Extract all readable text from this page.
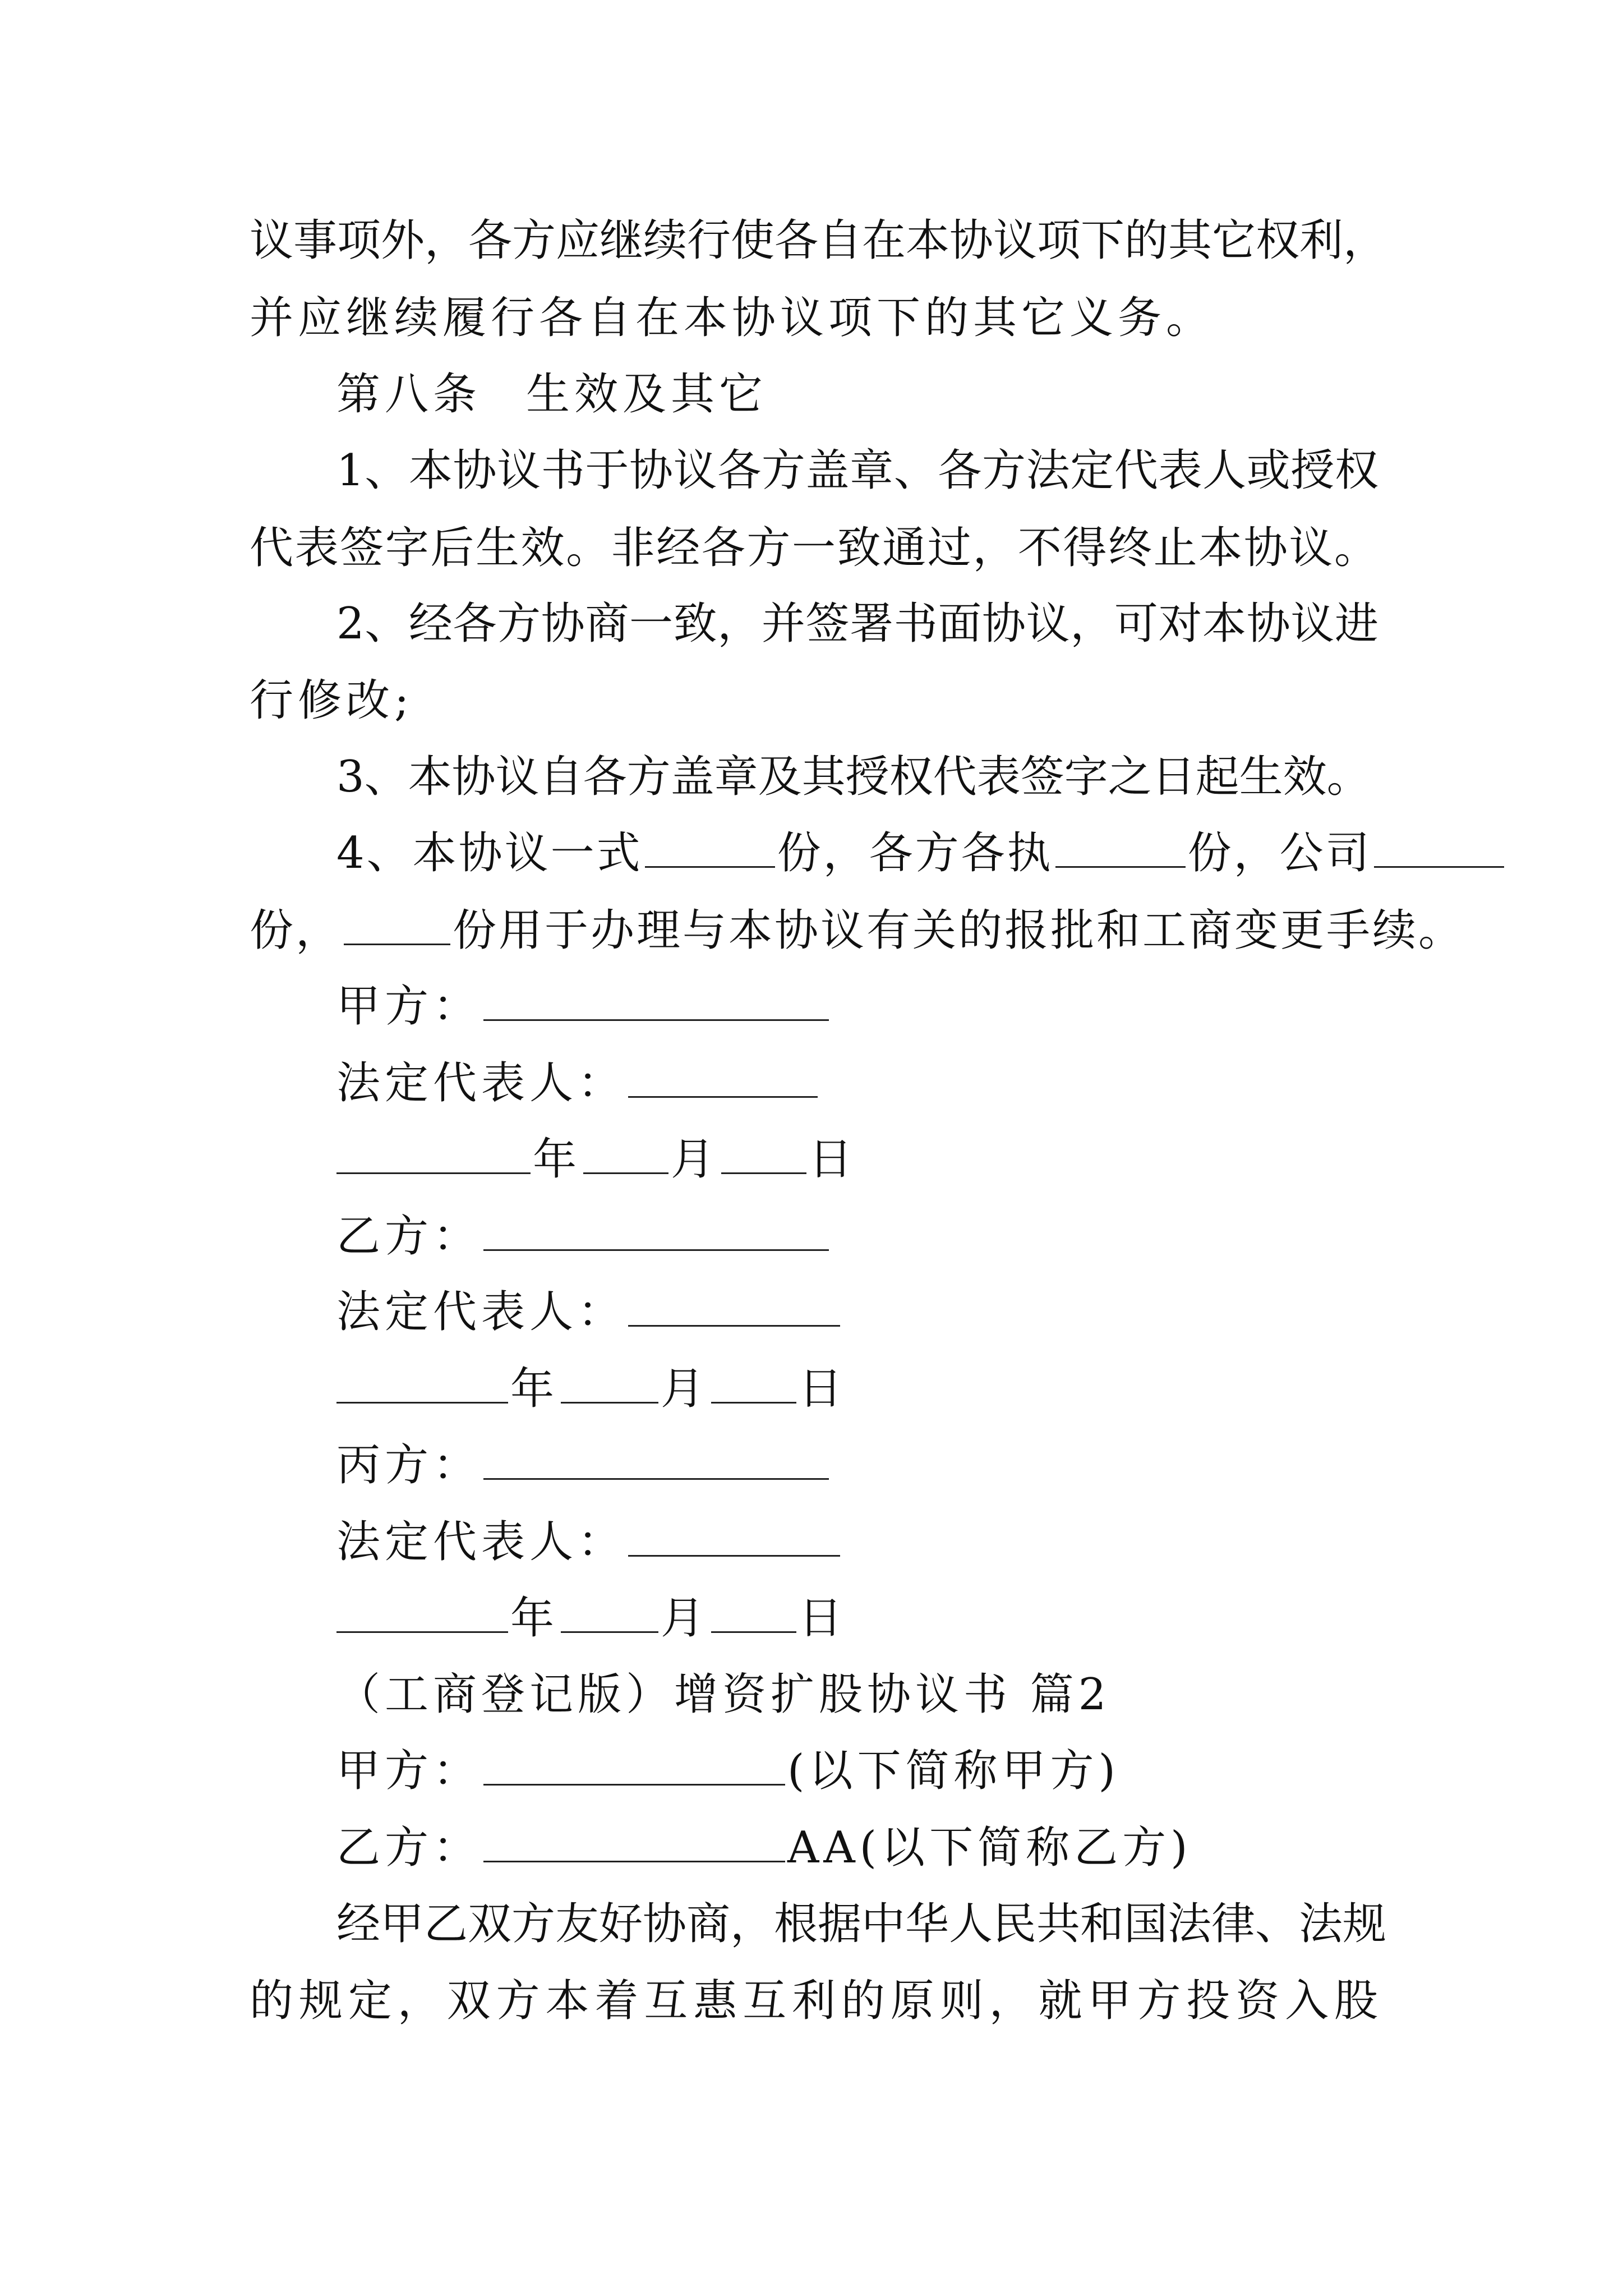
议事项外，各方应继续行使各自在本协议项下的其它权利，
并应继续履行各自在本协议项下的其它义务。
第八条 生效及其它
1、本协议书于协议各方盖章、各方法定代表人或授权
代表签字后生效。非经各方一致通过，不得终止本协议。
2、经各方协商一致，并签署书面协议，可对本协议进
行修改;
3、本协议自各方盖章及其授权代表签字之日起生效。
4、本协议一式	份，各方各执	份，公司
份，	份用于办理与本协议有关的报批和工商变更手续。
甲方：
法定代表人：
年 月 日
乙方：
法定代表人：
年 月 日
丙方：
法定代表人：
年 月 日
（工商登记版）增资扩股协议书 篇2
甲方：	(以下简称甲方)
乙方：	AA(以下简称乙方)
经甲乙双方友好协商，根据中华人民共和国法律、法规
的规定，双方本着互惠互利的原则，就甲方投资入股
